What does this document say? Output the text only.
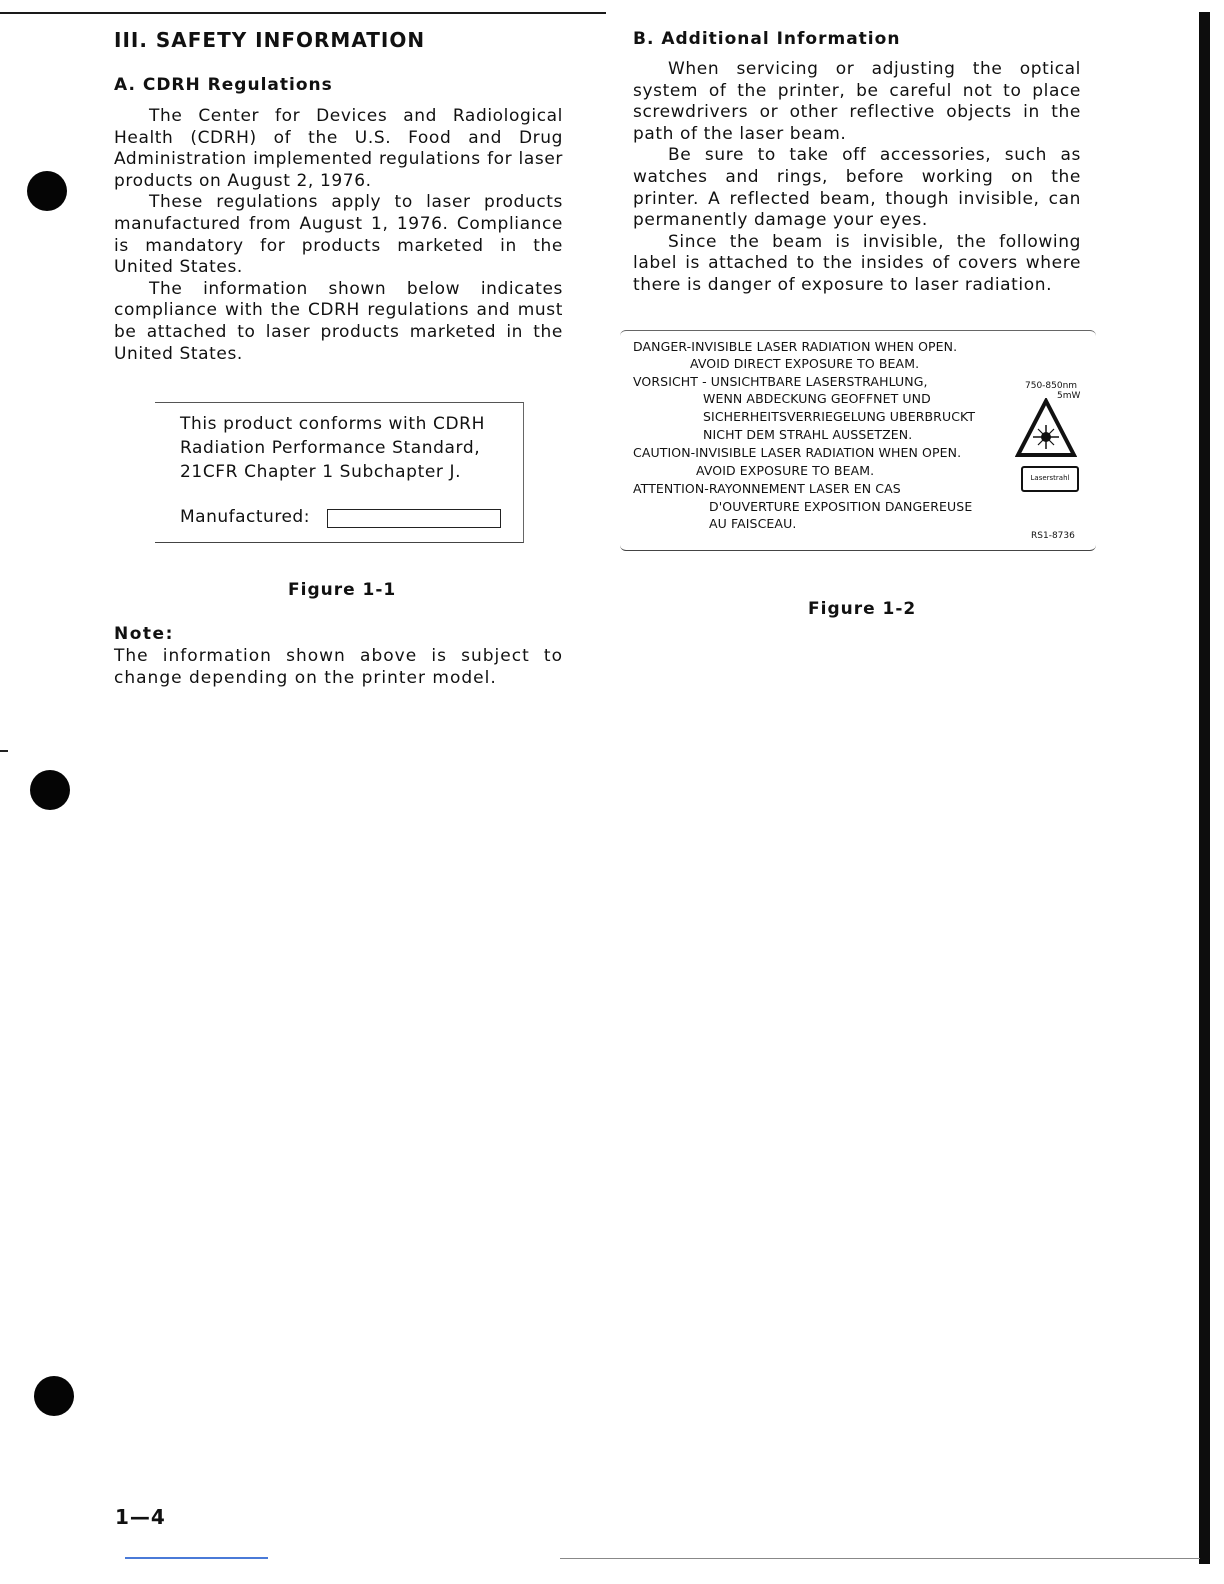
III. SAFETY INFORMATION
A. CDRH Regulations

The Center for Devices and Radiological Health (CDRH) of the U.S. Food and Drug Administration implemented regulations for laser products on August 2, 1976.

These regulations apply to laser products manufactured from August 1, 1976. Compliance is mandatory for products marketed in the United States.

The information shown below indicates compliance with the CDRH regulations and must be attached to laser products marketed in the United States.

This product conforms with CDRH
Radiation Performance Standard,
21CFR Chapter 1 Subchapter J.
Manufactured:
Figure 1-1
Note:
The information shown above is subject to change depending on the printer model.
B. Additional Information

When servicing or adjusting the optical system of the printer, be careful not to place screwdrivers or other reflective objects in the path of the laser beam.

Be sure to take off accessories, such as watches and rings, before working on the printer. A reflected beam, though invisible, can permanently damage your eyes.

Since the beam is invisible, the following label is attached to the insides of covers where there is danger of exposure to laser radiation.

DANGER-INVISIBLE LASER RADIATION WHEN OPEN.
AVOID DIRECT EXPOSURE TO BEAM.
VORSICHT - UNSICHTBARE LASERSTRAHLUNG,
WENN ABDECKUNG GEOFFNET UND
SICHERHEITSVERRIEGELUNG UBERBRUCKT
NICHT DEM STRAHL AUSSETZEN.
CAUTION-INVISIBLE LASER RADIATION WHEN OPEN.
AVOID EXPOSURE TO BEAM.
ATTENTION-RAYONNEMENT LASER EN CAS
D'OUVERTURE EXPOSITION DANGEREUSE
AU FAISCEAU.
750-850nm
5mW
Laserstrahl
RS1-8736
Figure 1-2
1—4
